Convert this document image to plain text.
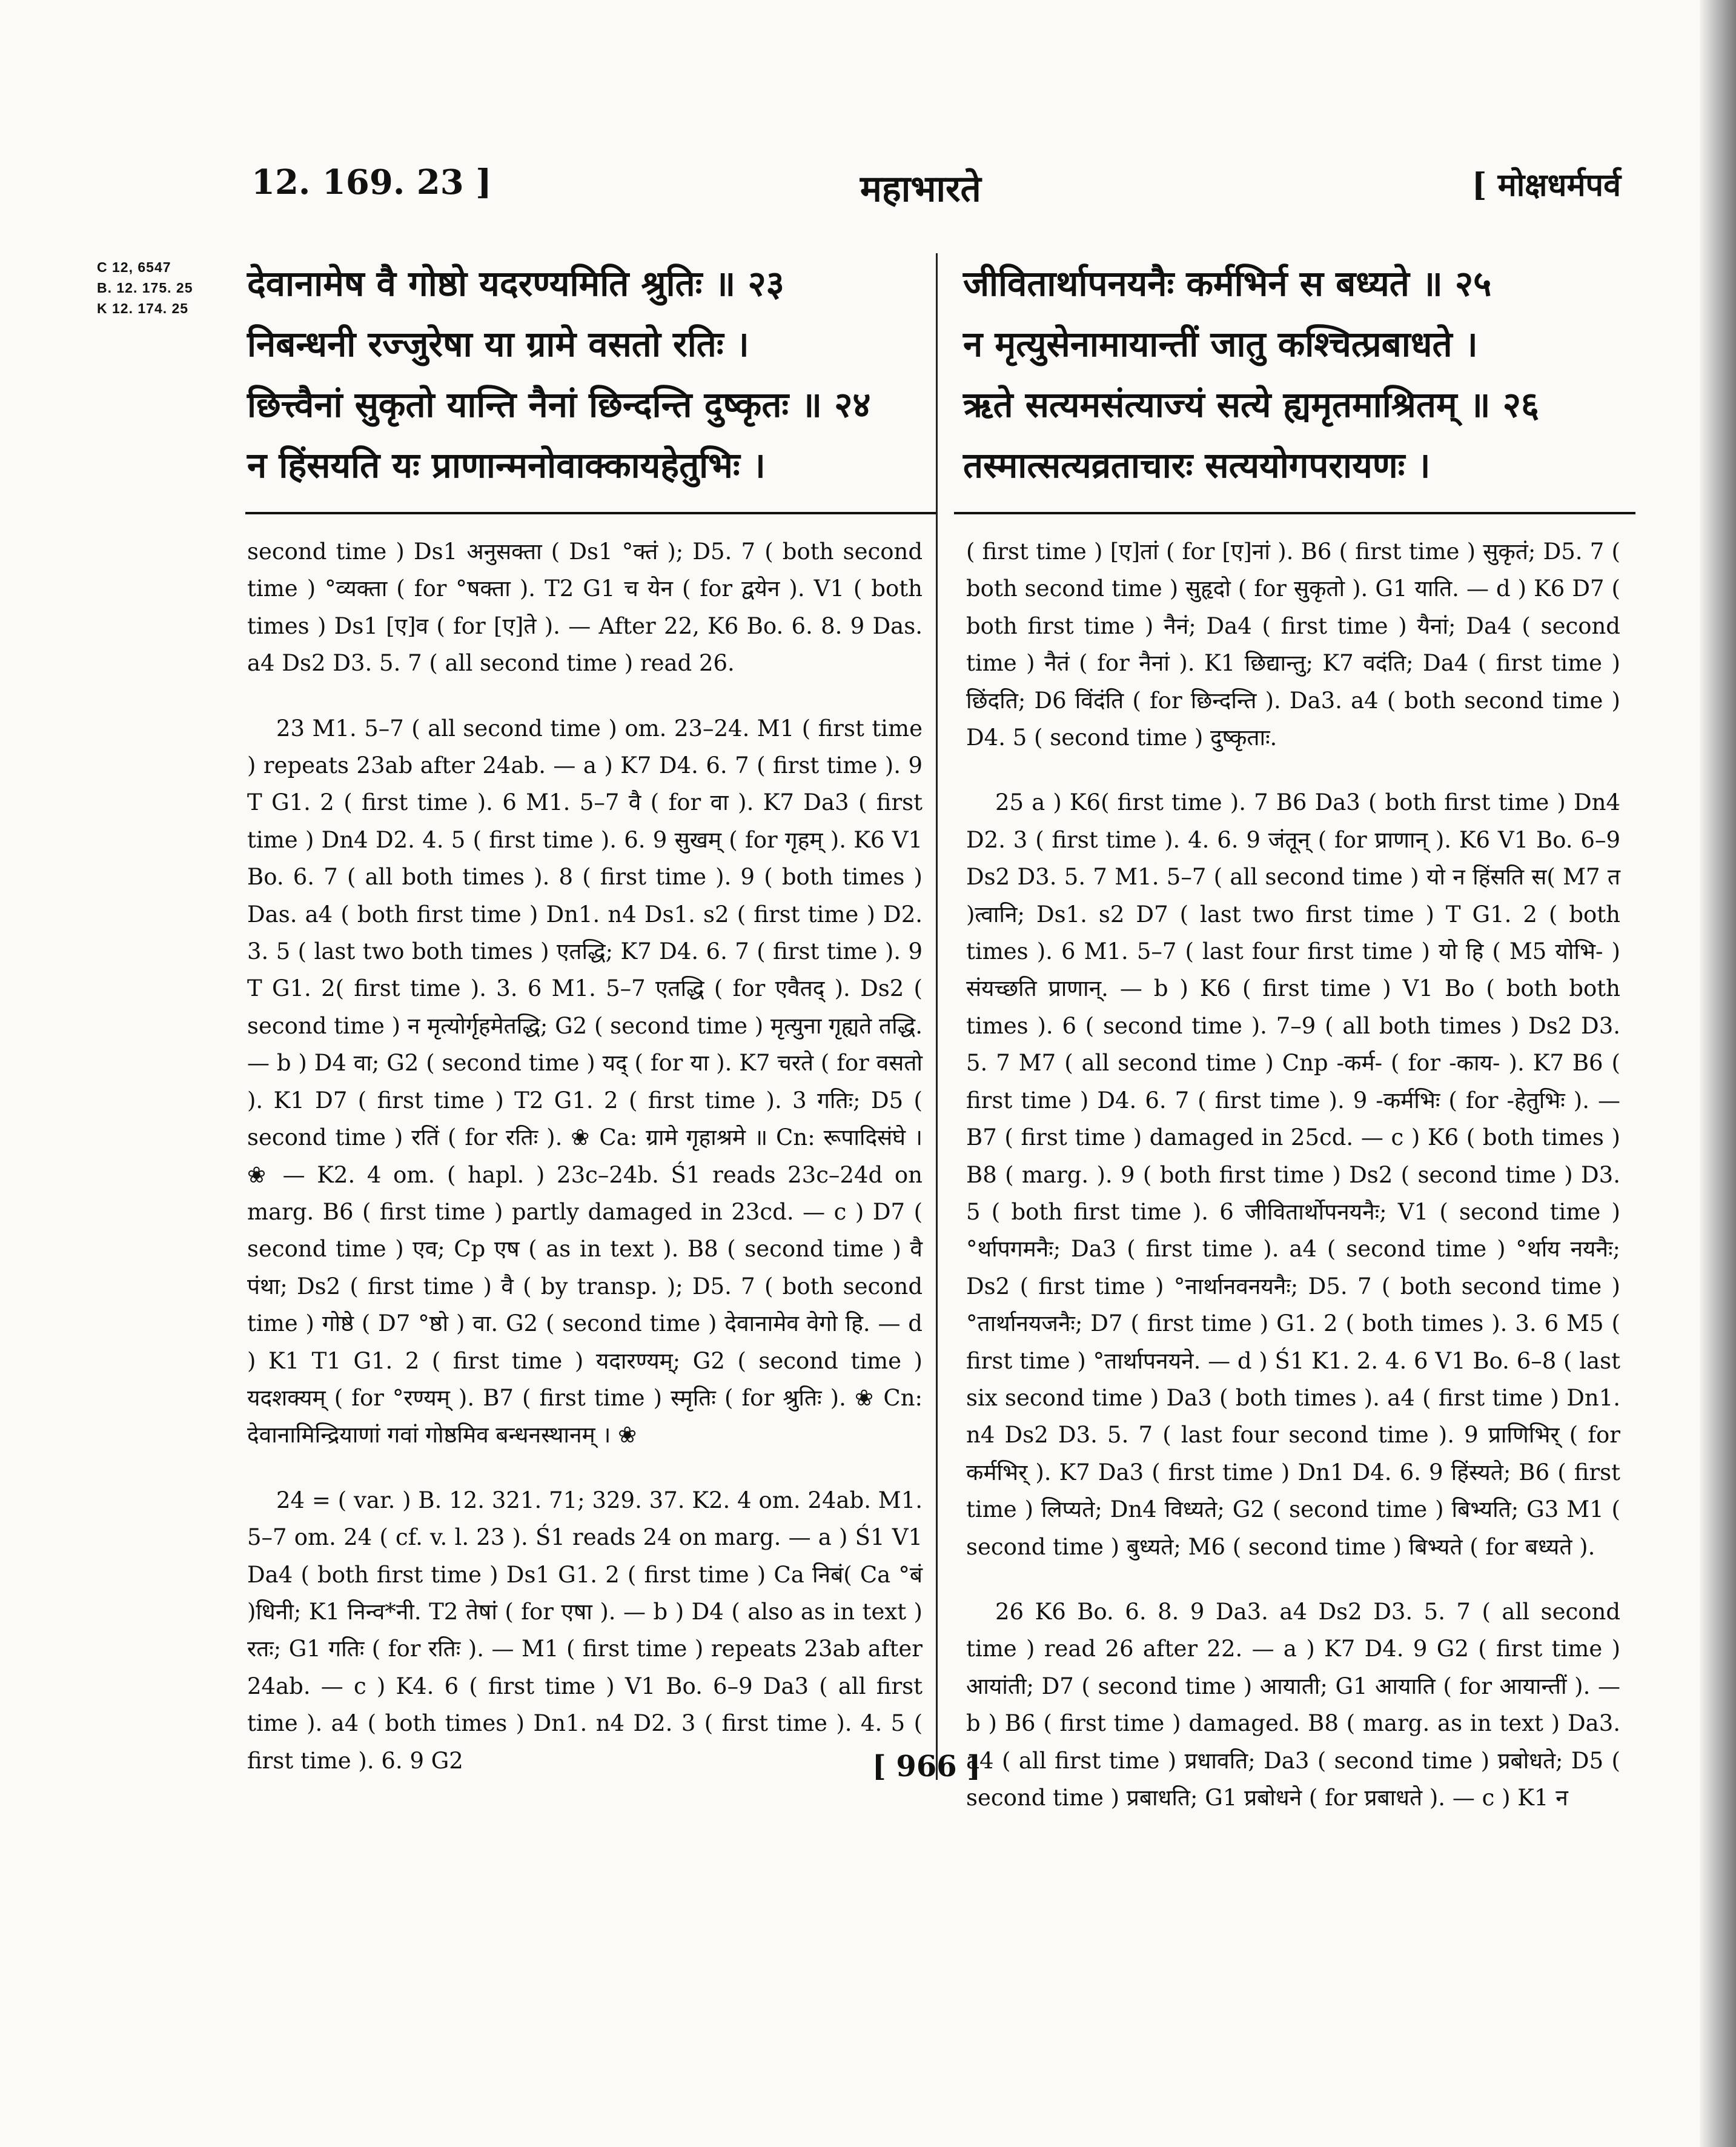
12. 169. 23 ]	महाभारते	[ मोक्षधर्मपर्व
C 12, 6547
B. 12. 175. 25
K 12. 174. 25
देवानामेष वै गोष्ठो यदरण्यमिति श्रुतिः ॥ २३
निबन्धनी रज्जुरेषा या ग्रामे वसतो रतिः ।
छित्त्वैनां सुकृतो यान्ति नैनां छिन्दन्ति दुष्कृतः ॥ २४
न हिंसयति यः प्राणान्मनोवाक्कायहेतुभिः ।
जीवितार्थापनयनैः कर्मभिर्न स बध्यते ॥ २५
न मृत्युसेनामायान्तीं जातु कश्चित्प्रबाधते ।
ऋते सत्यमसंत्याज्यं सत्ये ह्यमृतमाश्रितम् ॥ २६
तस्मात्सत्यव्रताचारः सत्ययोगपरायणः ।

second time ) Ds1 अनुसक्ता ( Ds1 °क्तं ); D5. 7 ( both second time ) °व्यक्ता ( for °षक्ता ). T2 G1 च येन ( for द्वयेन ). V1 ( both times ) Ds1 [ए]व ( for [ए]ते ). — After 22, K6 Bo. 6. 8. 9 Das. a4 Ds2 D3. 5. 7 ( all second time ) read 26.

23 M1. 5–7 ( all second time ) om. 23–24. M1 ( first time ) repeats 23ab after 24ab. — a ) K7 D4. 6. 7 ( first time ). 9 T G1. 2 ( first time ). 6 M1. 5–7 वै ( for वा ). K7 Da3 ( first time ) Dn4 D2. 4. 5 ( first time ). 6. 9 सुखम् ( for गृहम् ). K6 V1 Bo. 6. 7 ( all both times ). 8 ( first time ). 9 ( both times ) Das. a4 ( both first time ) Dn1. n4 Ds1. s2 ( first time ) D2. 3. 5 ( last two both times ) एतद्धि; K7 D4. 6. 7 ( first time ). 9 T G1. 2( first time ). 3. 6 M1. 5–7 एतद्धि ( for एवैतद् ). Ds2 ( second time ) न मृत्योर्गृहमेतद्धि; G2 ( second time ) मृत्युना गृह्यते तद्धि. — b ) D4 वा; G2 ( second time ) यद् ( for या ). K7 चरते ( for वसतो ). K1 D7 ( first time ) T2 G1. 2 ( first time ). 3 गतिः; D5 ( second time ) रतिं ( for रतिः ). ❀ Ca: ग्रामे गृहाश्रमे ॥ Cn: रूपादिसंघे । ❀ — K2. 4 om. ( hapl. ) 23c–24b. Ś1 reads 23c–24d on marg. B6 ( first time ) partly damaged in 23cd. — c ) D7 ( second time ) एव; Cp एष ( as in text ). B8 ( second time ) वै पंथा; Ds2 ( first time ) वै ( by transp. ); D5. 7 ( both second time ) गोष्ठे ( D7 °ष्ठो ) वा. G2 ( second time ) देवानामेव वेगो हि. — d ) K1 T1 G1. 2 ( first time ) यदारण्यम्; G2 ( second time ) यदशक्यम् ( for °रण्यम् ). B7 ( first time ) स्मृतिः ( for श्रुतिः ). ❀ Cn: देवानामिन्द्रियाणां गवां गोष्ठमिव बन्धनस्थानम् । ❀

24 = ( var. ) B. 12. 321. 71; 329. 37. K2. 4 om. 24ab. M1. 5–7 om. 24 ( cf. v. l. 23 ). Ś1 reads 24 on marg. — a ) Ś1 V1 Da4 ( both first time ) Ds1 G1. 2 ( first time ) Ca निबं( Ca °बं )धिनी; K1 निन्व*नी. T2 तेषां ( for एषा ). — b ) D4 ( also as in text ) रतः; G1 गतिः ( for रतिः ). — M1 ( first time ) repeats 23ab after 24ab. — c ) K4. 6 ( first time ) V1 Bo. 6–9 Da3 ( all first time ). a4 ( both times ) Dn1. n4 D2. 3 ( first time ). 4. 5 ( first time ). 6. 9 G2

( first time ) [ए]तां ( for [ए]नां ). B6 ( first time ) सुकृतं; D5. 7 ( both second time ) सुहृदो ( for सुकृतो ). G1 याति. — d ) K6 D7 ( both first time ) नैनं; Da4 ( first time ) यैनां; Da4 ( second time ) नैतं ( for नैनां ). K1 छिद्यान्तु; K7 वदंति; Da4 ( first time ) छिंदति; D6 विंदंति ( for छिन्दन्ति ). Da3. a4 ( both second time ) D4. 5 ( second time ) दुष्कृताः.

25 a ) K6( first time ). 7 B6 Da3 ( both first time ) Dn4 D2. 3 ( first time ). 4. 6. 9 जंतून् ( for प्राणान् ). K6 V1 Bo. 6–9 Ds2 D3. 5. 7 M1. 5–7 ( all second time ) यो न हिंसति स( M7 त )त्वानि; Ds1. s2 D7 ( last two first time ) T G1. 2 ( both times ). 6 M1. 5–7 ( last four first time ) यो हि ( M5 योभि- ) संयच्छति प्राणान्. — b ) K6 ( first time ) V1 Bo ( both both times ). 6 ( second time ). 7–9 ( all both times ) Ds2 D3. 5. 7 M7 ( all second time ) Cnp -कर्म- ( for -काय- ). K7 B6 ( first time ) D4. 6. 7 ( first time ). 9 -कर्मभिः ( for -हेतुभिः ). — B7 ( first time ) damaged in 25cd. — c ) K6 ( both times ) B8 ( marg. ). 9 ( both first time ) Ds2 ( second time ) D3. 5 ( both first time ). 6 जीवितार्थोपनयनैः; V1 ( second time ) °र्थापगमनैः; Da3 ( first time ). a4 ( second time ) °र्थाय नयनैः; Ds2 ( first time ) °नार्थानवनयनैः; D5. 7 ( both second time ) °तार्थानयजनैः; D7 ( first time ) G1. 2 ( both times ). 3. 6 M5 ( first time ) °तार्थापनयने. — d ) Ś1 K1. 2. 4. 6 V1 Bo. 6–8 ( last six second time ) Da3 ( both times ). a4 ( first time ) Dn1. n4 Ds2 D3. 5. 7 ( last four second time ). 9 प्राणिभिर् ( for कर्मभिर् ). K7 Da3 ( first time ) Dn1 D4. 6. 9 हिंस्यते; B6 ( first time ) लिप्यते; Dn4 विध्यते; G2 ( second time ) बिभ्यति; G3 M1 ( second time ) बुध्यते; M6 ( second time ) बिभ्यते ( for बध्यते ).

26 K6 Bo. 6. 8. 9 Da3. a4 Ds2 D3. 5. 7 ( all second time ) read 26 after 22. — a ) K7 D4. 9 G2 ( first time ) आयांती; D7 ( second time ) आयाती; G1 आयाति ( for आयान्तीं ). — b ) B6 ( first time ) damaged. B8 ( marg. as in text ) Da3. a4 ( all first time ) प्रधावति; Da3 ( second time ) प्रबोधते; D5 ( second time ) प्रबाधति; G1 प्रबोधने ( for प्रबाधते ). — c ) K1 न

[ 966 ]
